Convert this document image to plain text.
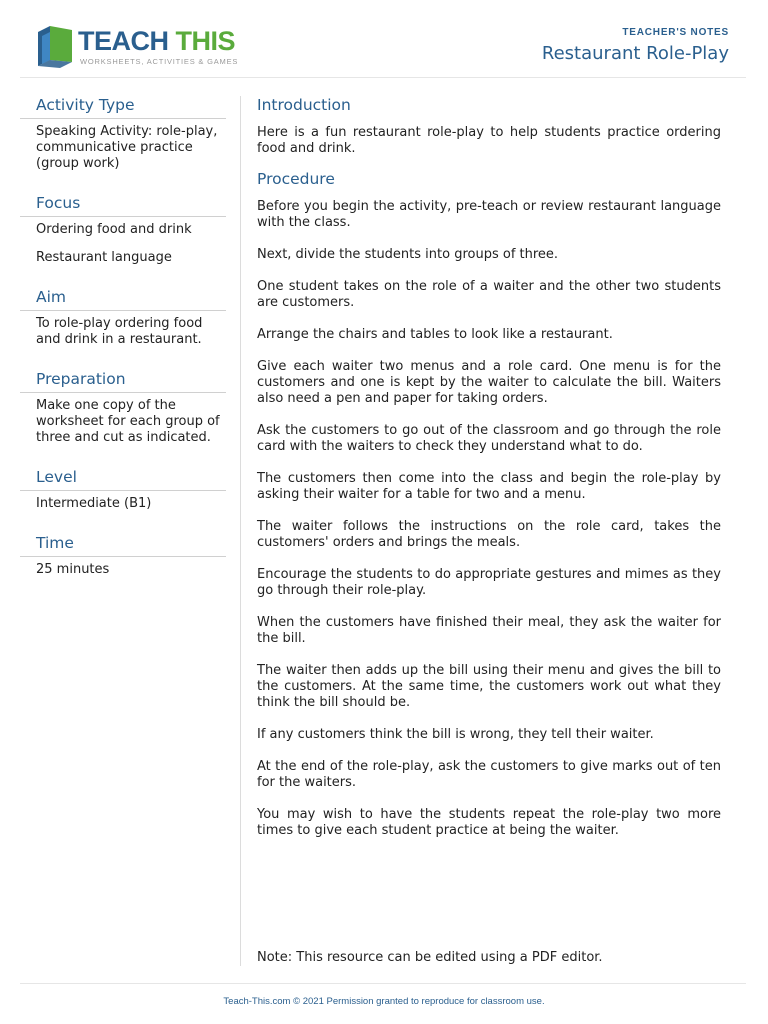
TEACH THIS
WORKSHEETS, ACTIVITIES & GAMES
TEACHER'S NOTES
Restaurant Role-Play
Activity Type

Speaking Activity: role-play, communicative practice (group work)

Focus

Ordering food and drink

Restaurant language

Aim

To role-play ordering food and drink in a restaurant.

Preparation

Make one copy of the worksheet for each group of three and cut as indicated.

Level

Intermediate (B1)

Time

25 minutes

Introduction

Here is a fun restaurant role-play to help students practice ordering food and drink.

Procedure

Before you begin the activity, pre-teach or review restaurant language with the class.

Next, divide the students into groups of three.

One student takes on the role of a waiter and the other two students are customers.

Arrange the chairs and tables to look like a restaurant.

Give each waiter two menus and a role card. One menu is for the customers and one is kept by the waiter to calculate the bill. Waiters also need a pen and paper for taking orders.

Ask the customers to go out of the classroom and go through the role card with the waiters to check they understand what to do.

The customers then come into the class and begin the role-play by asking their waiter for a table for two and a menu.

The waiter follows the instructions on the role card, takes the customers' orders and brings the meals.

Encourage the students to do appropriate gestures and mimes as they go through their role-play.

When the customers have finished their meal, they ask the waiter for the bill.

The waiter then adds up the bill using their menu and gives the bill to the customers. At the same time, the customers work out what they think the bill should be.

If any customers think the bill is wrong, they tell their waiter.

At the end of the role-play, ask the customers to give marks out of ten for the waiters.

You may wish to have the students repeat the role-play two more times to give each student practice at being the waiter.

Note: This resource can be edited using a PDF editor.
Teach-This.com © 2021 Permission granted to reproduce for classroom use.
